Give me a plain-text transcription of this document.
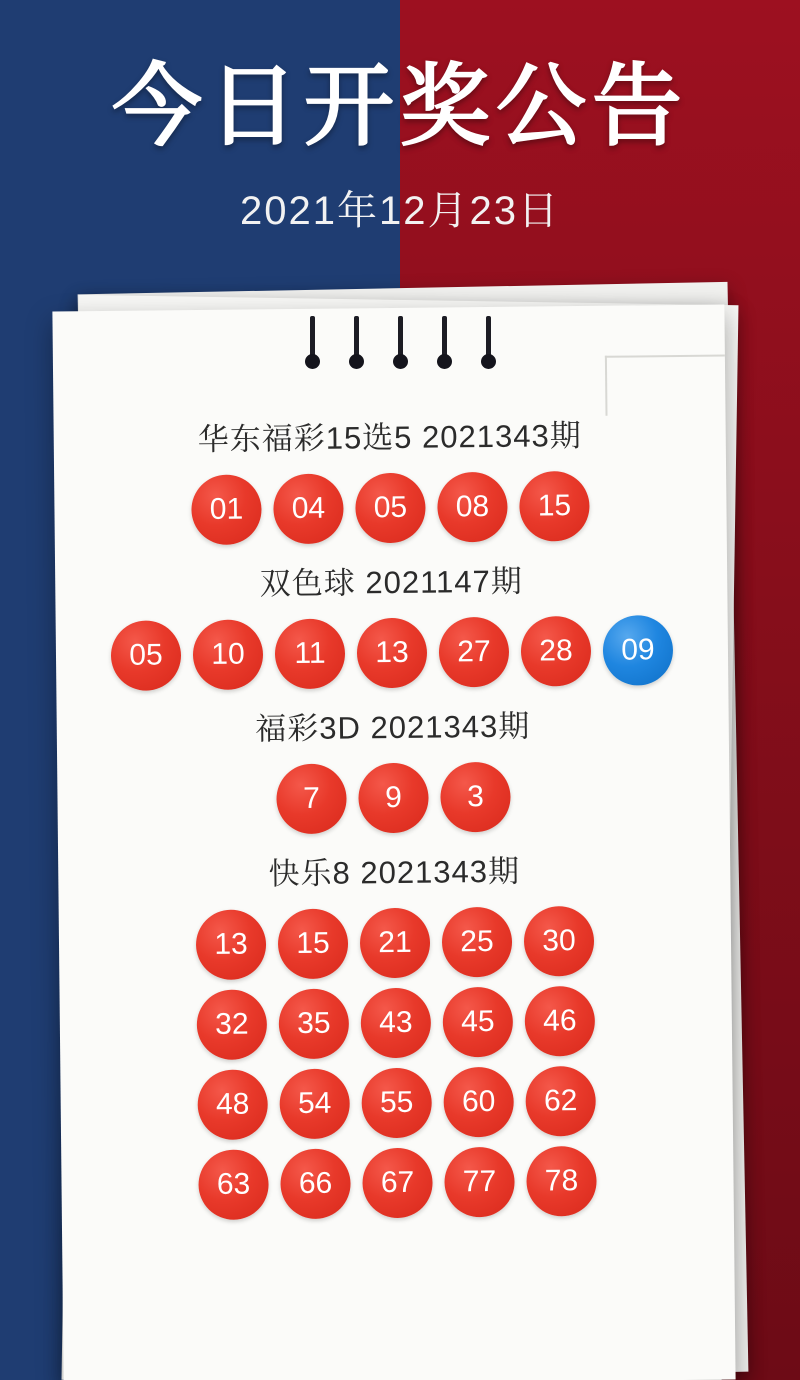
今日开奖公告
2021年12月23日
华东福彩15选5 2021343期
01	04	05	08	15
双色球 2021147期
05	10	11	13	27	28	09
福彩3D 2021343期
7	9	3
快乐8 2021343期
13	15	21	25	30
32	35	43	45	46
48	54	55	60	62
63	66	67	77	78
